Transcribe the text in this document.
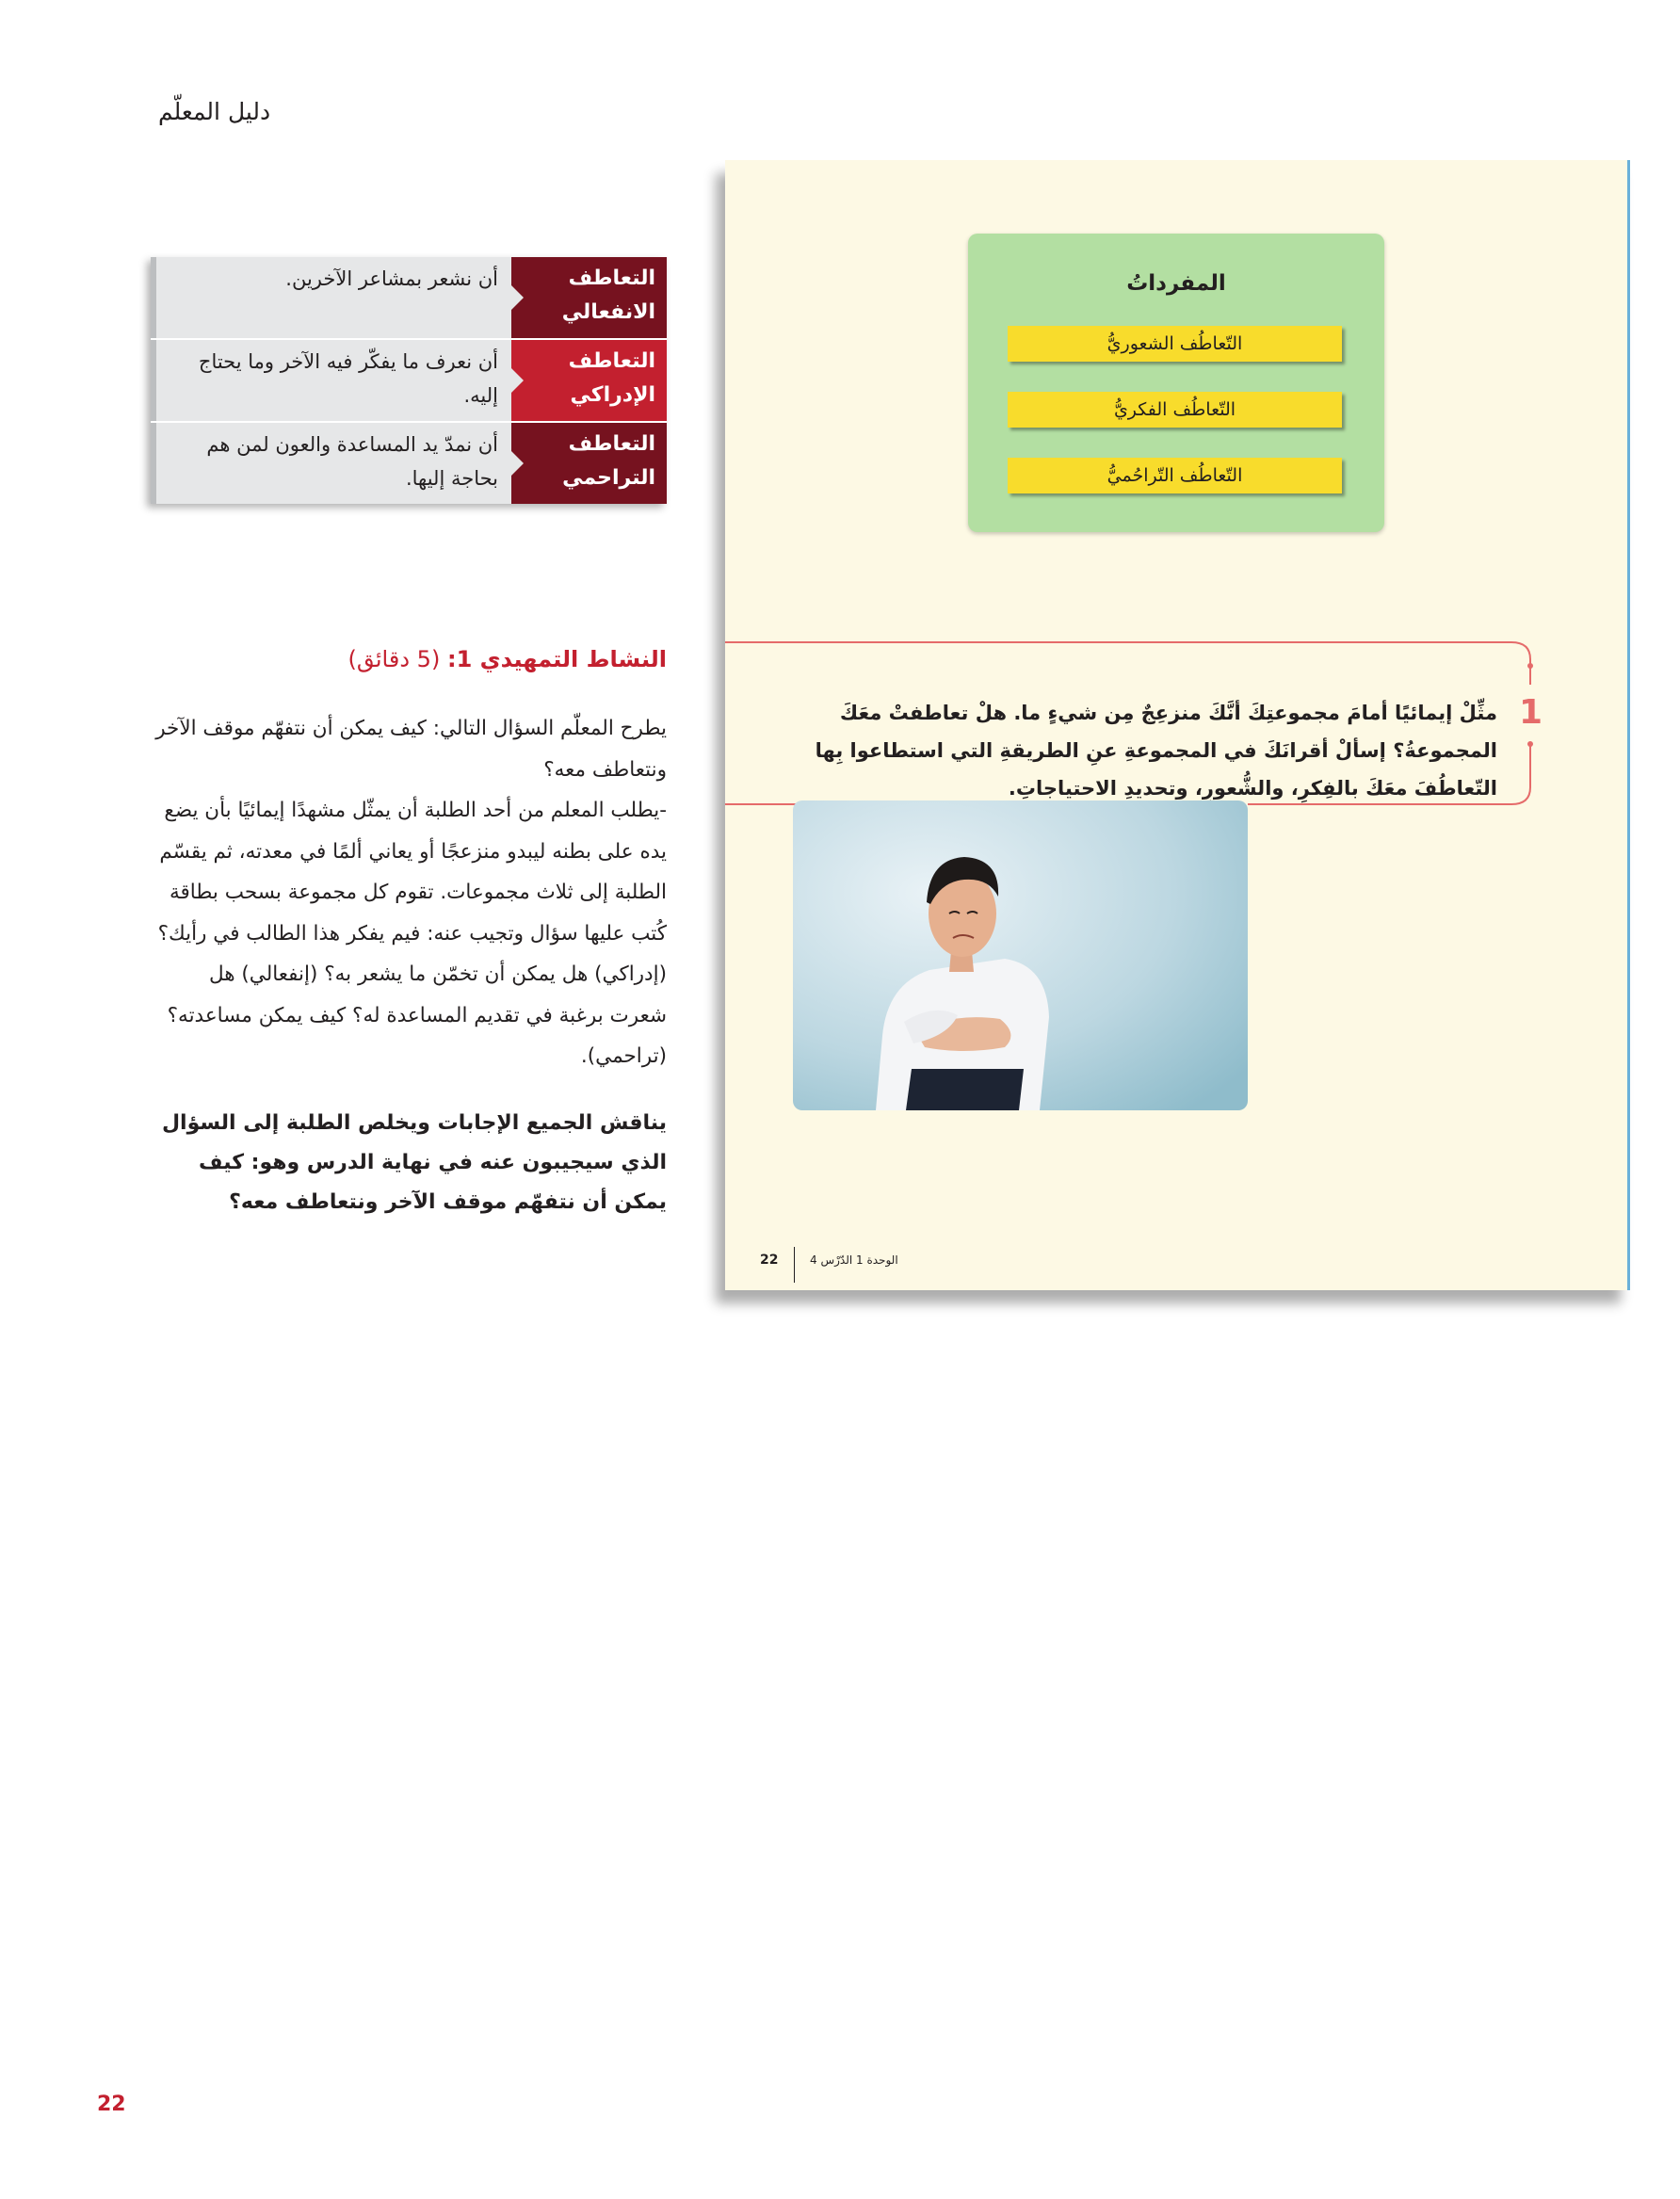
دليل المعلّم
أن نشعر بمشاعر الآخرين.	التعاطف الانفعالي
أن نعرف ما يفكّر فيه الآخر وما يحتاج إليه.
التعاطف الإدراكي
أن نمدّ يد المساعدة والعون لمن هم بحاجة إليها.
التعاطف التراحمي
النشاط التمهيدي 1: (5 دقائق)

يطرح المعلّم السؤال التالي: كيف يمكن أن نتفهّم موقف الآخر ونتعاطف معه؟

-يطلب المعلم من أحد الطلبة أن يمثّل مشهدًا إيمائيًا بأن يضع يده على بطنه ليبدو منزعجًا أو يعاني ألمًا في معدته، ثم يقسّم الطلبة إلى ثلاث مجموعات. تقوم كل مجموعة بسحب بطاقة كُتب عليها سؤال وتجيب عنه: فيم يفكر هذا الطالب في رأيك؟ (إدراكي) هل يمكن أن تخمّن ما يشعر به؟ (إنفعالي) هل شعرت برغبة في تقديم المساعدة له؟ كيف يمكن مساعدته؟ (تراحمي).

يناقش الجميع الإجابات ويخلص الطلبة إلى السؤال الذي سيجيبون عنه في نهاية الدرس وهو: كيف يمكن أن نتفهّم موقف الآخر ونتعاطف معه؟
22
المفرداتُ
التّعاطُف الشعوريُّ
التّعاطُف الفكريُّ
التّعاطُف التّراحُميُّ
1
مثِّلْ إيمائيًا أمامَ مجموعتِكَ أنَّكَ منزعِجٌ مِن شيءٍ ما. هلْ تعاطفتْ معَكَ المجموعةُ؟ إسألْ أقرانَكَ في المجموعةِ عنِ الطريقةِ التي استطاعوا بِها التّعاطُفَ معَكَ بالفِكرِ، والشُّعورِ، وتحديدِ الاحتياجاتِ.
22	الوحدة 1 الدّرْس 4
